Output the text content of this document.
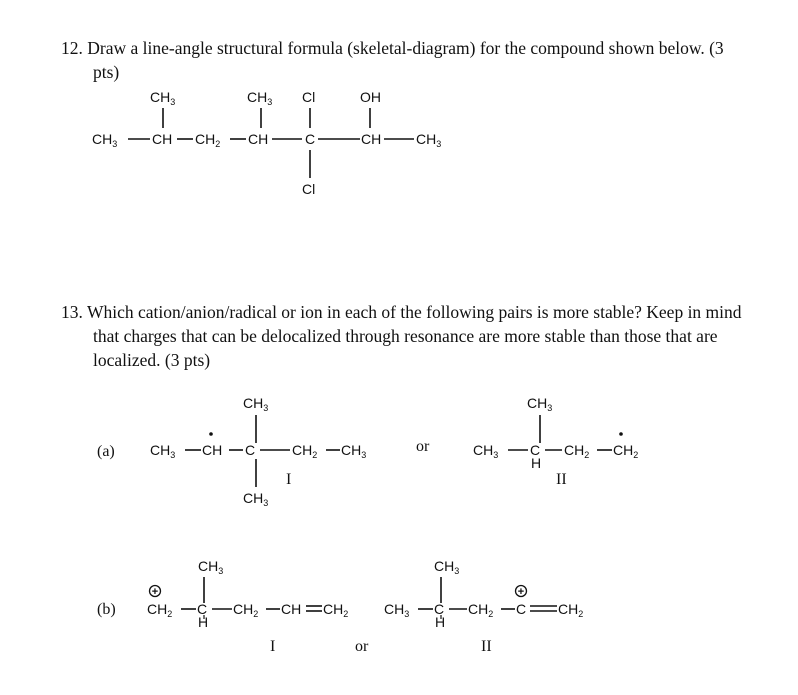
12. Draw a line-angle structural formula (skeletal-diagram) for the compound shown below. (3
pts)
$CH_3$	$CH_3$ Cl	OH
$CH_3$ CH $CH_2$ CH	C	CH $CH_3$
Cl
13. Which cation/anion/radical or ion in each of the following pairs is more stable? Keep in mind
that charges that can be delocalized through resonance are more stable than those that are
localized. (3 pts)
(a)
$CH_3$
$CH_3$ CH C	$CH_2$ $CH_3$
I
$CH_3$
or
$CH_3$
$CH_3$ C
H
$CH_2$ $CH_2$
II
(b)
+
$CH_3$
$CH_2$ C
H
$CH_2$ CH $CH_2$
I	or
$CH_3$
$CH_3$ C
H
$CH_2$
+
C $CH_2$
II
